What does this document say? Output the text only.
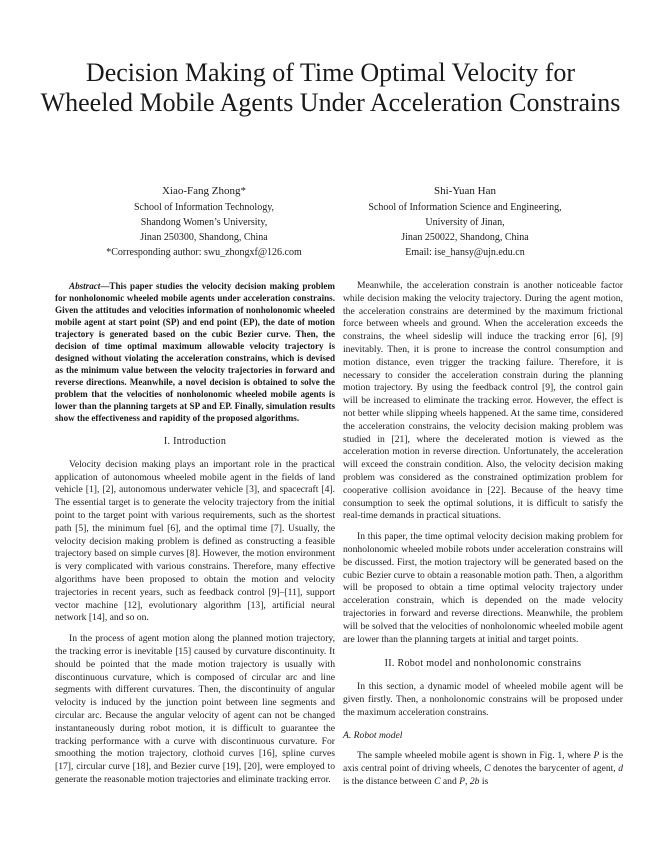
Decision Making of Time Optimal Velocity for Wheeled Mobile Agents Under Acceleration Constrains
Xiao-Fang Zhong*
School of Information Technology,
Shandong Women’s University,
Jinan 250300, Shandong, China
*Corresponding author: swu_zhongxf@126.com
Shi-Yuan Han
School of Information Science and Engineering,
University of Jinan,
Jinan 250022, Shandong, China
Email: ise_hansy@ujn.edu.cn

Abstract—This paper studies the velocity decision making problem for nonholonomic wheeled mobile agents under acceleration constrains. Given the attitudes and velocities information of nonholonomic wheeled mobile agent at start point (SP) and end point (EP), the date of motion trajectory is generated based on the cubic Bezier curve. Then, the decision of time optimal maximum allowable velocity trajectory is designed without violating the acceleration constrains, which is devised as the minimum value between the velocity trajectories in forward and reverse directions. Meanwhile, a novel decision is obtained to solve the problem that the velocities of nonholonomic wheeled mobile agents is lower than the planning targets at SP and EP. Finally, simulation results show the effectiveness and rapidity of the proposed algorithms.

I. Introduction

Velocity decision making plays an important role in the practical application of autonomous wheeled mobile agent in the fields of land vehicle [1], [2], autonomous underwater vehicle [3], and spacecraft [4]. The essential target is to generate the velocity trajectory from the initial point to the target point with various requirements, such as the shortest path [5], the minimum fuel [6], and the optimal time [7]. Usually, the velocity decision making problem is defined as constructing a feasible trajectory based on simple curves [8]. However, the motion environment is very complicated with various constrains. Therefore, many effective algorithms have been proposed to obtain the motion and velocity trajectories in recent years, such as feedback control [9]–[11], support vector machine [12], evolutionary algorithm [13], artificial neural network [14], and so on.

In the process of agent motion along the planned motion trajectory, the tracking error is inevitable [15] caused by curvature discontinuity. It should be pointed that the made motion trajectory is usually with discontinuous curvature, which is composed of circular arc and line segments with different curvatures. Then, the discontinuity of angular velocity is induced by the junction point between line segments and circular arc. Because the angular velocity of agent can not be changed instantaneously during robot motion, it is difficult to guarantee the tracking performance with a curve with discontinuous curvature. For smoothing the motion trajectory, clothoid curves [16], spline curves [17], circular curve [18], and Bezier curve [19], [20], were employed to generate the reasonable motion trajectories and eliminate tracking error.

Meanwhile, the acceleration constrain is another noticeable factor while decision making the velocity trajectory. During the agent motion, the acceleration constrains are determined by the maximum frictional force between wheels and ground. When the acceleration exceeds the constrains, the wheel sideslip will induce the tracking error [6], [9] inevitably. Then, it is prone to increase the control consumption and motion distance, even trigger the tracking failure. Therefore, it is necessary to consider the acceleration constrain during the planning motion trajectory. By using the feedback control [9], the control gain will be increased to eliminate the tracking error. However, the effect is not better while slipping wheels happened. At the same time, considered the acceleration constrains, the velocity decision making problem was studied in [21], where the decelerated motion is viewed as the acceleration motion in reverse direction. Unfortunately, the acceleration will exceed the constrain condition. Also, the velocity decision making problem was considered as the constrained optimization problem for cooperative collision avoidance in [22]. Because of the heavy time consumption to seek the optimal solutions, it is difficult to satisfy the real-time demands in practical situations.

In this paper, the time optimal velocity decision making problem for nonholonomic wheeled mobile robots under acceleration constrains will be discussed. First, the motion trajectory will be generated based on the cubic Bezier curve to obtain a reasonable motion path. Then, a algorithm will be proposed to obtain a time optimal velocity trajectory under acceleration constrain, which is depended on the made velocity trajectories in forward and reverse directions. Meanwhile, the problem will be solved that the velocities of nonholonomic wheeled mobile agent are lower than the planning targets at initial and target points.

II. Robot model and nonholonomic constrains

In this section, a dynamic model of wheeled mobile agent will be given firstly. Then, a nonholonomic constrains will be proposed under the maximum acceleration constrains.

A. Robot model

The sample wheeled mobile agent is shown in Fig. 1, where P is the axis central point of driving wheels, C denotes the barycenter of agent, d is the distance between C and P, 2b is
